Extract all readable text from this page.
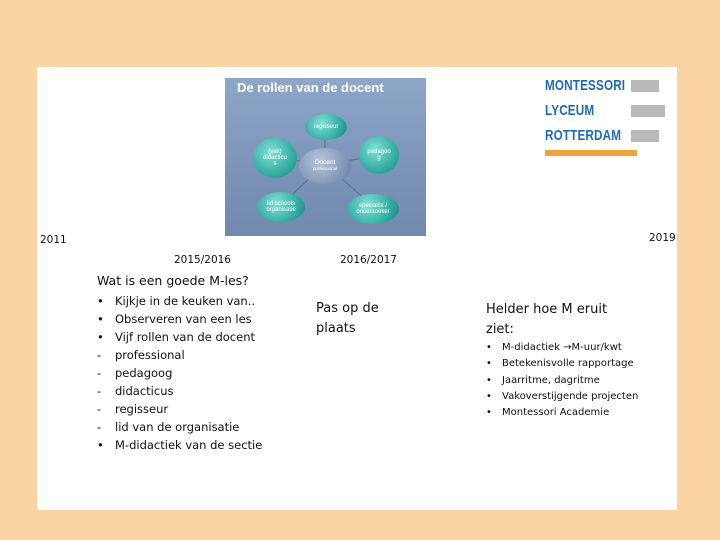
De rollen van de docent
regisseur
(vak)
didacticu
s
pedagoo
g
Docent
professional
lid schools
organisatie
specialist /
onderzoeker
MONTESSORI
LYCEUM
ROTTERDAM
2011	2019
2015/2016	2016/2017
Wat is een goede M-les?
• Kijkje in de keuken van..
• Observeren van een les
• Vijf rollen van de docent
- professional
- pedagoog
- didacticus
- regisseur
- lid van de organisatie
• M-didactiek van de sectie
Pas op de
plaats
Helder hoe M eruit
ziet:
• M-didactiek →M-uur/kwt
• Betekenisvolle rapportage
• Jaarritme, dagritme
• Vakoverstijgende projecten
• Montessori Academie
